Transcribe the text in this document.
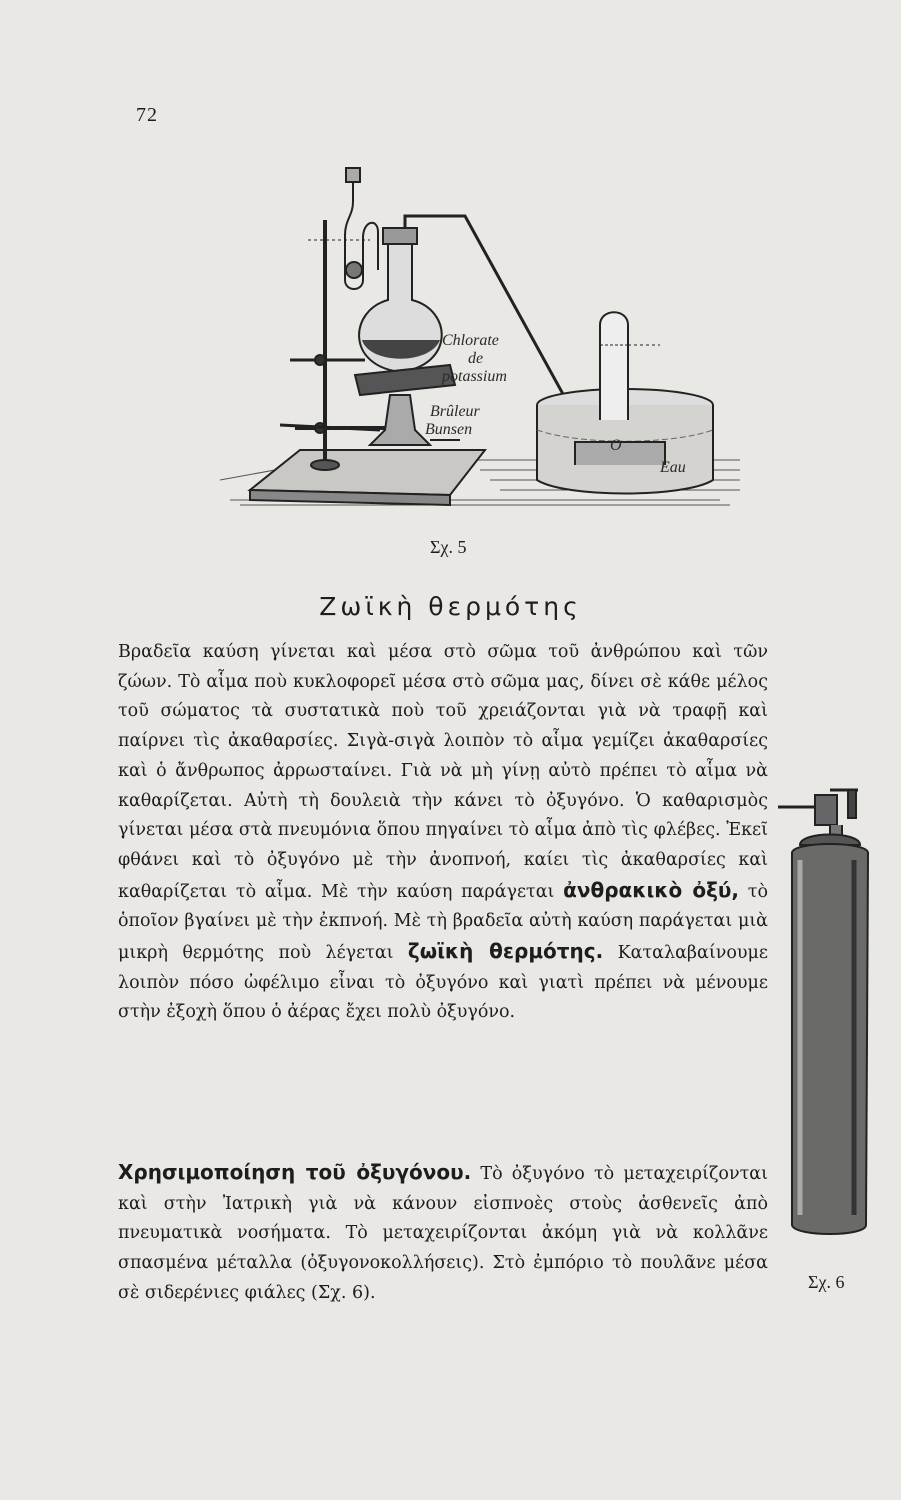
72
Chlorate
de
potassium
Brûleur
Bunsen
O
Eau
Σχ. 5
Ζωϊκὴ θερμότης

Βραδεῖα καύση γίνεται καὶ μέσα στὸ σῶμα τοῦ ἀνθρώπου καὶ τῶν ζώων. Τὸ αἷμα ποὺ κυκλοφορεῖ μέσα στὸ σῶμα μας, δίνει σὲ κάθε μέλος τοῦ σώματος τὰ συστατικὰ ποὺ τοῦ χρειάζονται γιὰ νὰ τραφῇ καὶ παίρνει τὶς ἀκαθαρσίες. Σιγὰ-σιγὰ λοιπὸν τὸ αἷμα γεμίζει ἀκαθαρσίες καὶ ὁ ἄνθρωπος ἀρρωσταίνει. Γιὰ νὰ μὴ γίνῃ αὐτὸ πρέπει τὸ αἷμα νὰ καθαρίζεται. Αὐτὴ τὴ δουλειὰ τὴν κάνει τὸ ὀξυγόνο. Ὁ καθαρισμὸς γίνεται μέσα στὰ πνευμόνια ὅπου πηγαίνει τὸ αἷμα ἀπὸ τὶς φλέβες. Ἐκεῖ φθάνει καὶ τὸ ὀξυγόνο μὲ τὴν ἀνοπνοή, καίει τὶς ἀκαθαρσίες καὶ καθαρίζεται τὸ αἷμα. Μὲ τὴν καύση παράγεται ἀνθρακικὸ ὀξύ, τὸ ὁποῖον βγαίνει μὲ τὴν ἐκπνοή. Μὲ τὴ βραδεῖα αὐτὴ καύση παράγεται μιὰ μικρὴ θερμότης ποὺ λέγεται ζωϊκὴ θερμότης. Καταλαβαίνουμε λοιπὸν πόσο ὠφέλιμο εἶναι τὸ ὀξυγόνο καὶ γιατὶ πρέπει νὰ μένουμε στὴν ἐξοχὴ ὅπου ὁ ἀέρας ἔχει πολὺ ὀξυγόνο.

Χρησιμοποίηση τοῦ ὀξυγόνου. Τὸ ὀξυγόνο τὸ μεταχειρίζονται καὶ στὴν Ἰατρικὴ γιὰ νὰ κάνουν εἰσπνοὲς στοὺς ἀσθενεῖς ἀπὸ πνευματικὰ νοσήματα. Τὸ μεταχειρίζονται ἀκόμη γιὰ νὰ κολλᾶνε σπασμένα μέταλλα (ὀξυγονοκολλήσεις). Στὸ ἐμπόριο τὸ πουλᾶνε μέσα σὲ σιδερένιες φιάλες (Σχ. 6).

Σχ. 6
